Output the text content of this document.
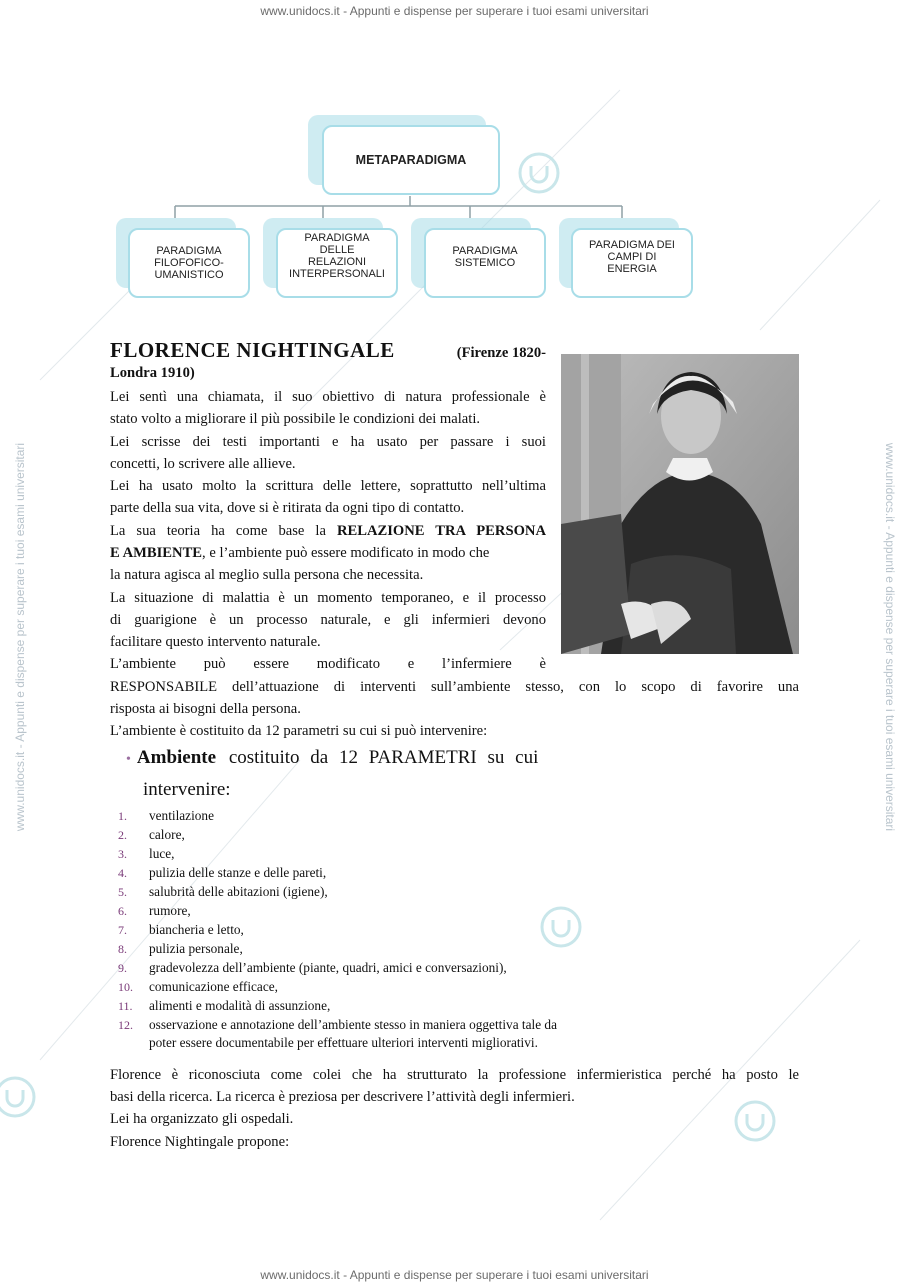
www.unidocs.it - Appunti e dispense per superare i tuoi esami universitari
www.unidocs.it - Appunti e dispense per superare i tuoi esami universitari
www.unidocs.it - Appunti e dispense per superare i tuoi esami universitari	www.unidocs.it - Appunti e dispense per superare i tuoi esami universitari
METAPARADIGMA
PARADIGMA
FILOFOFICO-
UMANISTICO
PARADIGMA
DELLE
RELAZIONI
INTERPERSONALI
PARADIGMA
SISTEMICO
PARADIGMA DEI
CAMPI DI
ENERGIA
FLORENCE NIGHTINGALE	(Firenze 1820-
Londra 1910)
Lei sentì una chiamata, il suo obiettivo di natura professionale è
stato volto a migliorare il più possibile le condizioni dei malati.
Lei scrisse dei testi importanti e ha usato per passare i suoi
concetti, lo scrivere alle allieve.
Lei ha usato molto la scrittura delle lettere, soprattutto nell’ultima
parte della sua vita, dove si è ritirata da ogni tipo di contatto.
La sua teoria ha come base la RELAZIONE TRA PERSONA
E AMBIENTE, e l’ambiente può essere modificato in modo che
la natura agisca al meglio sulla persona che necessita.
La situazione di malattia è un momento temporaneo, e il processo
di guarigione è un processo naturale, e gli infermieri devono
facilitare questo intervento naturale.
L’ambiente può essere modificato e l’infermiere è
RESPONSABILE dell’attuazione di interventi sull’ambiente stesso, con lo scopo di favorire una
risposta ai bisogni della persona.
L’ambiente è costituito da 12 parametri su cui si può intervenire:
• Ambiente costituito da 12 PARAMETRI su cui
intervenire:
1. ventilazione
2. calore,
3. luce,
4. pulizia delle stanze e delle pareti,
5. salubrità delle abitazioni (igiene),
6. rumore,
7. biancheria e letto,
8. pulizia personale,
9. gradevolezza dell’ambiente (piante, quadri, amici e conversazioni),
10. comunicazione efficace,
11. alimenti e modalità di assunzione,
12. osservazione e annotazione dell’ambiente stesso in maniera oggettiva tale da
poter essere documentabile per effettuare ulteriori interventi migliorativi.
Florence è riconosciuta come colei che ha strutturato la professione infermieristica perché ha posto le
basi della ricerca. La ricerca è preziosa per descrivere l’attività degli infermieri.
Lei ha organizzato gli ospedali.
Florence Nightingale propone:
